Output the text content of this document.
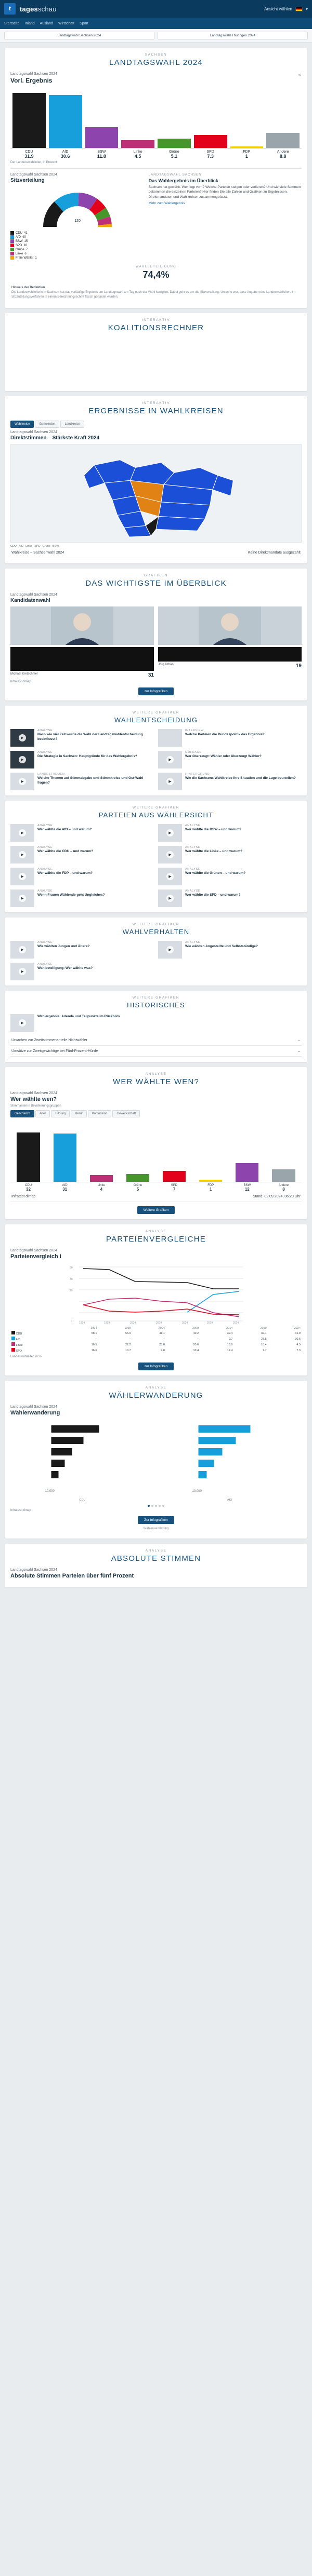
t	tagesschau	Ansicht wählen	▾
Startseite Inland Ausland Wirtschaft Sport
Landtagswahl Sachsen 2024	Landtagswahl Thüringen 2024
SACHSEN
LANDTAGSWAHL 2024
⋖
Landtagswahl Sachsen 2024
Vorl. Ergebnis
CDU
31.9
AfD
30.6
BSW
11.8
Linke
4.5
Grüne
5.1
SPD
7.3
FDP
1
Andere
8.8
Der Landesswahlleiter, in Prozent
Landtagswahl Sachsen 2024
Sitzverteilung
120
CDU 41
AfD 40
BSW 15
SPD 10
Grüne 7
Linke 6
Freie Wähler 1
LANDTAGSWAHL SACHSEN
Das Wahlergebnis im Überblick
Sachsen hat gewählt. Wer liegt vorn? Welche Parteien steigen oder verlieren? Und wie viele Stimmen bekommen die einzelnen Parteien? Hier finden Sie alle Zahlen und Grafiken zu Ergebnissen, Direktmandaten und Wahlkreisen zusammengefasst.
Mehr zum Wahlergebnis
WAHLBETEILIGUNG
74,4%
Hinweis der Redaktion
Die Landeswahlleiterin in Sachsen hat das vorläufige Ergebnis am Landtagswahl am Tag nach der Wahl korrigiert. Dabei geht es um die Sitzverteilung. Ursache war, dass Angaben des Landeswahlleiters im Sitzzuteilungsverfahren in einem Berechnungsschritt falsch gerundet wurden.
INTERAKTIV
KOALITIONSRECHNER
INTERAKTIV
ERGEBNISSE IN WAHLKREISEN
Wahlkreise	Gemeinden	Landkreise
Landtagswahl Sachsen 2024
Direktstimmen – Stärkste Kraft 2024
CDU AfD Linke SPD Grüne BSW
Wahlkreise – Sachsenwahl 2024	Keine Direktmandate ausgezählt
GRAFIKEN
DAS WICHTIGSTE IM ÜBERBLICK
Landtagswahl Sachsen 2024
Kandidatenwahl
Michael Kretschmer	31
Jörg Urban	19
Infratest dimap
zur Infografiken
WEITERE GRAFIKEN
WAHLENTSCHEIDUNG
▶
ANALYSE
Nach wie viel Zeit wurde die Wahl der Landtagswahlentscheidung beeinflusst?
INTERVIEW
Welche Parteien die Bundespolitik das Ergebnis?
▶
ANALYSE
Die Strategie in Sachsen: Hauptgründe für das Wahlergebnis?
▶
UMFRAGE
Wer überzeugt: Wähler oder überzeugt Wähler?
▶
LANDESTHEMEN
Welche Themen auf Stimmabgabe und Stimmkreise und Ost-Wahl fragen?	▶
HINTERGRUND
Wie die Sachsens Wahlkreise ihre Situation und die Lage beurteilen?
WEITERE GRAFIKEN
PARTEIEN AUS WÄHLERSICHT
▶
ANALYSE
Wer wählte die AfD – und warum?
▶
ANALYSE
Wer wählte die BSW – und warum?
▶
ANALYSE
Wer wählte die CDU – und warum?
▶
ANALYSE
Wer wählte die Linke – und warum?
▶
ANALYSE
Wer wählte die FDP – und warum?
▶
ANALYSE
Wer wählte die Grünen – und warum?
▶
ANALYSE
Wenn Frauen Wählende geht Ungleiches?
▶
ANALYSE
Wer wählte die SPD – und warum?
WEITERE GRAFIKEN
WAHLVERHALTEN
▶
ANALYSE
Wie wählten Jungen und Ältere?
▶
ANALYSE
Wie wählten Angestellte und Selbstständige?
▶
ANALYSE
Wahlbeteiligung: Wer wählte was?
WEITERE GRAFIKEN
HISTORISCHES
▶
Wahlergebnis: Adenda und Teilpunkte im Rückblick
Ursachen zur Zweitstimmenanteile Nichtwähler	⌄
Umsätze zur Zweitgewichtige bei Fünf-Prozent-Hürde	⌄
ANALYSE
WER WÄHLTE WEN?
Landtagswahl Sachsen 2024
Wer wählte wen?
Stimmanteil in Bevölkerungsgruppen
Geschlecht	Alter	Bildung	Beruf	Konfession	Gewerkschaft
CDU
32
AfD
31
Linke
4
Grüne
5
SPD
7
FDP
1
BSW
12
Andere
8
Infratest dimap	Stand: 02.09.2024, 06:20 Uhr
Weitere Grafiken
ANALYSE
PARTEIENVERGLEICHE
Landtagswahl Sachsen 2024
Parteienvergleich I
60
40
20
0	1994	1999	2004	2009	2014	2019	2024
	1994	1999	2004	2009	2014	2019	2024
CDU	58.1	56.9	41.1	40.2	39.4	32.1	31.9
AfD	–	–	–	–	9.7	27.5	30.6
Linke	16.5	22.2	23.6	20.6	18.9	10.4	4.5
SPD	16.6	10.7	9.8	10.4	12.4	7.7	7.3
Landeswahlleiter, in %
zur Infografiken
ANALYSE
WÄHLERWANDERUNG
Landtagswahl Sachsen 2024
Wählerwanderung
10.000	10.000
CDU	AfD
Infratest dimap
Zur Infografiken
Wählerwanderung
ANALYSE
ABSOLUTE STIMMEN
Landtagswahl Sachsen 2024
Absolute Stimmen Parteien über fünf Prozent
